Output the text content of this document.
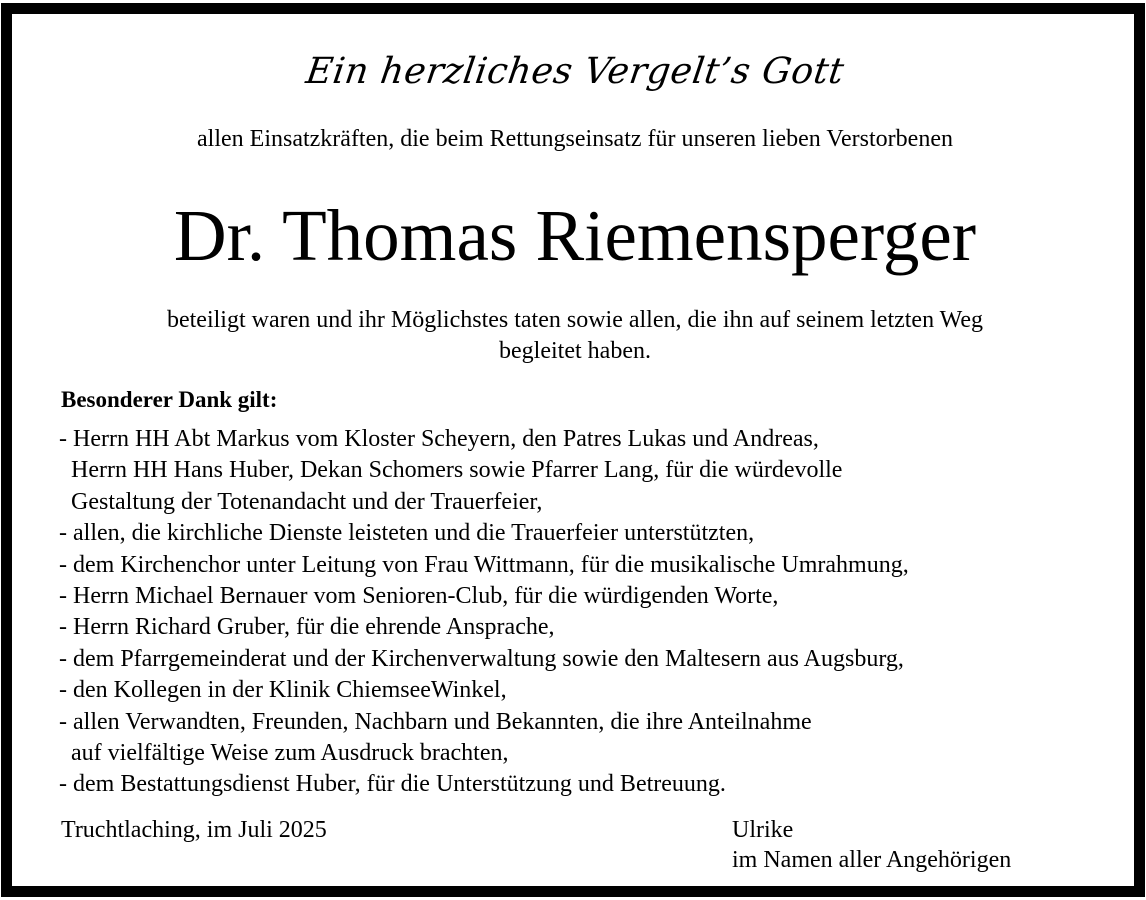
Ein herzliches Vergelt’s Gott
allen Einsatzkräften, die beim Rettungseinsatz für unseren lieben Verstorbenen
Dr. Thomas Riemensperger
beteiligt waren und ihr Möglichstes taten sowie allen, die ihn auf seinem letzten Weg
begleitet haben.
Besonderer Dank gilt:
- Herrn HH Abt Markus vom Kloster Scheyern, den Patres Lukas und Andreas,
Herrn HH Hans Huber, Dekan Schomers sowie Pfarrer Lang, für die würdevolle
Gestaltung der Totenandacht und der Trauerfeier,
- allen, die kirchliche Dienste leisteten und die Trauerfeier unterstützten,
- dem Kirchenchor unter Leitung von Frau Wittmann, für die musikalische Umrahmung,
- Herrn Michael Bernauer vom Senioren-Club, für die würdigenden Worte,
- Herrn Richard Gruber, für die ehrende Ansprache,
- dem Pfarrgemeinderat und der Kirchenverwaltung sowie den Maltesern aus Augsburg,
- den Kollegen in der Klinik ChiemseeWinkel,
- allen Verwandten, Freunden, Nachbarn und Bekannten, die ihre Anteilnahme
auf vielfältige Weise zum Ausdruck brachten,
- dem Bestattungsdienst Huber, für die Unterstützung und Betreuung.
Truchtlaching, im Juli 2025	Ulrike
im Namen aller Angehörigen
